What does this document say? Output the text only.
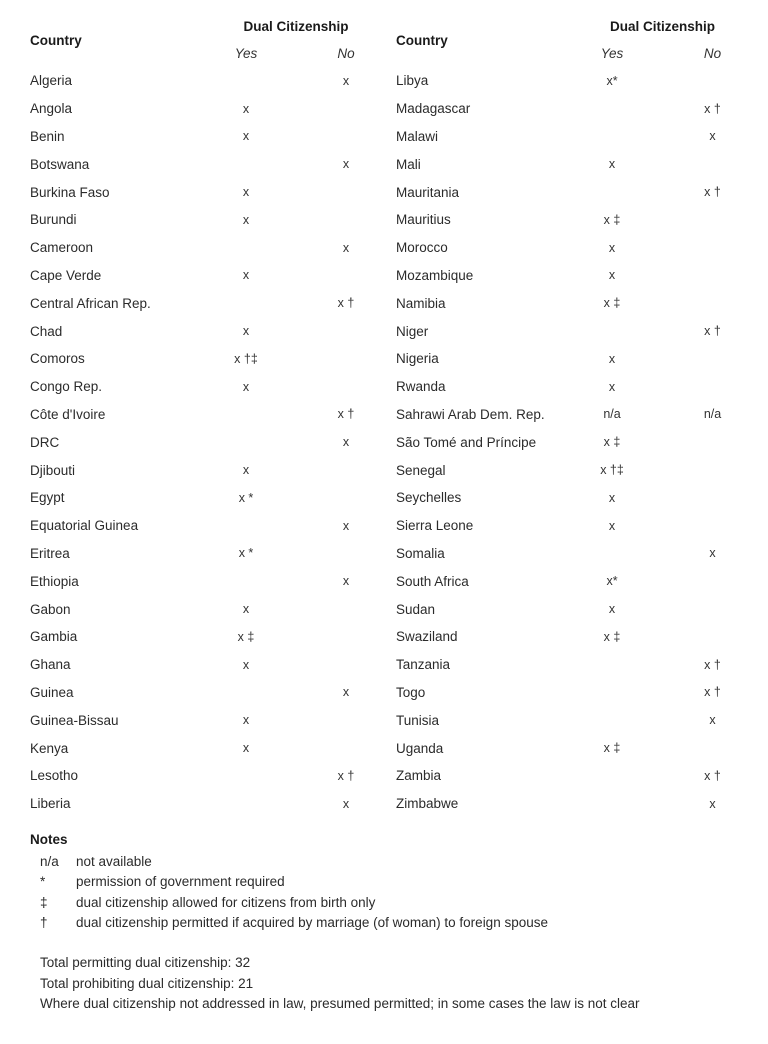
Country	Dual Citizenship		Country	Dual Citizenship	
	Yes	No		Yes	No
Algeria		x	Libya	x*	
Angola	x		Madagascar		x †
Benin	x		Malawi		x
Botswana		x	Mali	x	
Burkina Faso	x		Mauritania		x †
Burundi	x		Mauritius	x ‡	
Cameroon		x	Morocco	x	
Cape Verde	x		Mozambique	x	
Central African Rep.		x †	Namibia	x ‡	
Chad	x		Niger		x †
Comoros	x †‡		Nigeria	x	
Congo Rep.	x		Rwanda	x	
Côte d'Ivoire		x †	Sahrawi Arab Dem. Rep.	n/a	n/a
DRC		x	São Tomé and Príncipe	x ‡	
Djibouti	x		Senegal	x †‡	
Egypt	x *		Seychelles	x	
Equatorial Guinea		x	Sierra Leone	x	
Eritrea	x *		Somalia		x
Ethiopia		x	South Africa	x*	
Gabon	x		Sudan	x	
Gambia	x ‡		Swaziland	x ‡	
Ghana	x		Tanzania		x †
Guinea		x	Togo		x †
Guinea-Bissau	x		Tunisia		x
Kenya	x		Uganda	x ‡	
Lesotho		x †	Zambia		x †
Liberia		x	Zimbabwe		x
Notes
n/a	not available
*	permission of government required
‡	dual citizenship allowed for citizens from birth only
†	dual citizenship permitted if acquired by marriage (of woman) to foreign spouse
Total permitting dual citizenship: 32
Total prohibiting dual citizenship: 21
Where dual citizenship not addressed in law, presumed permitted; in some cases the law is not clear
